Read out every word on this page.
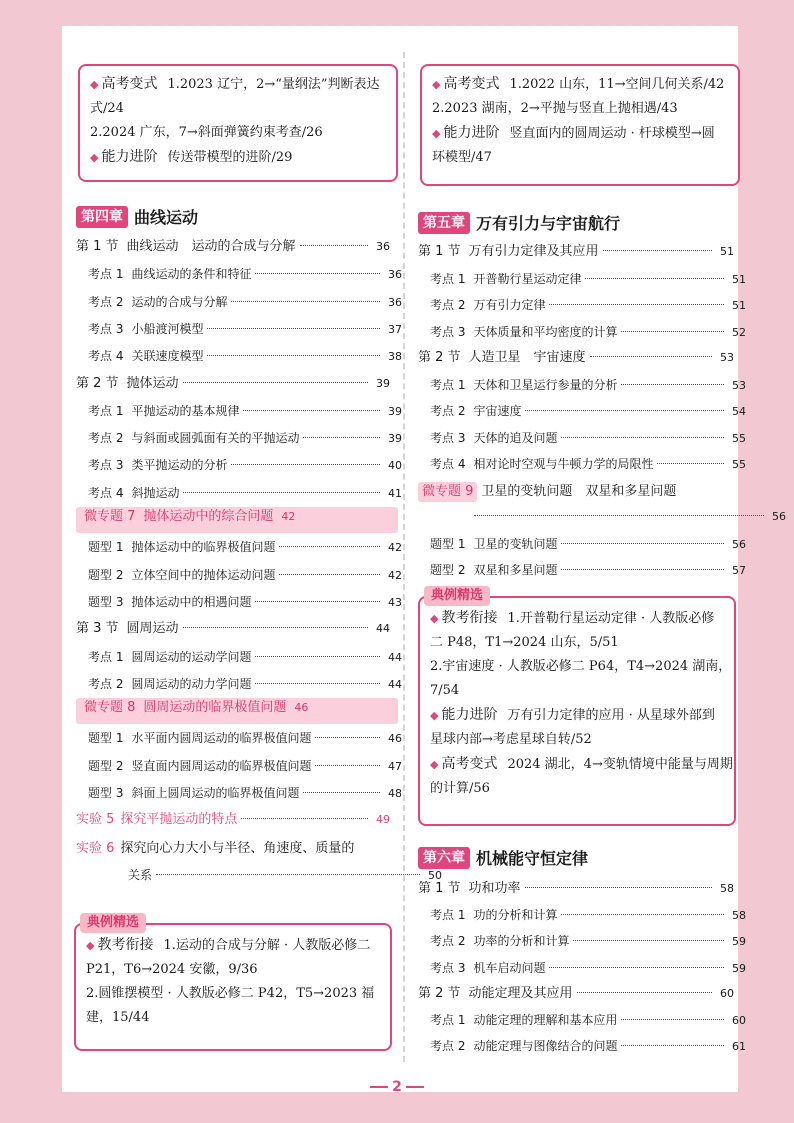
◆ 高考变式 1.2023 辽宁，2→“量纲法”判断表达
式/24
2.2024 广东，7→斜面弹簧约束考查/26
◆ 能力进阶 传送带模型的进阶/29
◆ 高考变式 1.2022 山东，11→空间几何关系/42
2.2023 湖南，2→平抛与竖直上抛相遇/43
◆ 能力进阶 竖直面内的圆周运动 · 杆球模型→圆
环模型/47
第四章 曲线运动
第 1 节 曲线运动　运动的合成与分解	36
考点 1 曲线运动的条件和特征	36
考点 2 运动的合成与分解	36
考点 3 小船渡河模型	37
考点 4 关联速度模型	38
第 2 节 抛体运动	39
考点 1 平抛运动的基本规律	39
考点 2 与斜面或圆弧面有关的平抛运动	39
考点 3 类平抛运动的分析	40
考点 4 斜抛运动	41
微专题 7 抛体运动中的综合问题 42
题型 1 抛体运动中的临界极值问题	42
题型 2 立体空间中的抛体运动问题	42
题型 3 抛体运动中的相遇问题	43
第 3 节 圆周运动	44
考点 1 圆周运动的运动学问题	44
考点 2 圆周运动的动力学问题	44
微专题 8 圆周运动的临界极值问题 46
题型 1 水平面内圆周运动的临界极值问题	46
题型 2 竖直面内圆周运动的临界极值问题	47
题型 3 斜面上圆周运动的临界极值问题	48
实验 5 探究平抛运动的特点	49
实验 6 探究向心力大小与半径、角速度、质量的
关系	50
典例精选
◆ 教考衔接 1.运动的合成与分解 · 人教版必修二
P21，T6→2024 安徽，9/36
2.圆锥摆模型 · 人教版必修二 P42，T5→2023 福
建，15/44
第五章 万有引力与宇宙航行
第 1 节 万有引力定律及其应用	51
考点 1 开普勒行星运动定律	51
考点 2 万有引力定律	51
考点 3 天体质量和平均密度的计算	52
第 2 节 人造卫星　宇宙速度	53
考点 1 天体和卫星运行参量的分析	53
考点 2 宇宙速度	54
考点 3 天体的追及问题	55
考点 4 相对论时空观与牛顿力学的局限性	55
微专题 9 卫星的变轨问题　双星和多星问题
56
题型 1 卫星的变轨问题	56
题型 2 双星和多星问题	57
典例精选
◆ 教考衔接 1.开普勒行星运动定律 · 人教版必修
二 P48，T1→2024 山东，5/51
2.宇宙速度 · 人教版必修二 P64，T4→2024 湖南，
7/54
◆ 能力进阶 万有引力定律的应用 · 从星球外部到
星球内部→考虑星球自转/52
◆ 高考变式 2024 湖北，4→变轨情境中能量与周期
的计算/56
第六章 机械能守恒定律
第 1 节 功和功率	58
考点 1 功的分析和计算	58
考点 2 功率的分析和计算	59
考点 3 机车启动问题	59
第 2 节 动能定理及其应用	60
考点 1 动能定理的理解和基本应用	60
考点 2 动能定理与图像结合的问题	61
2
